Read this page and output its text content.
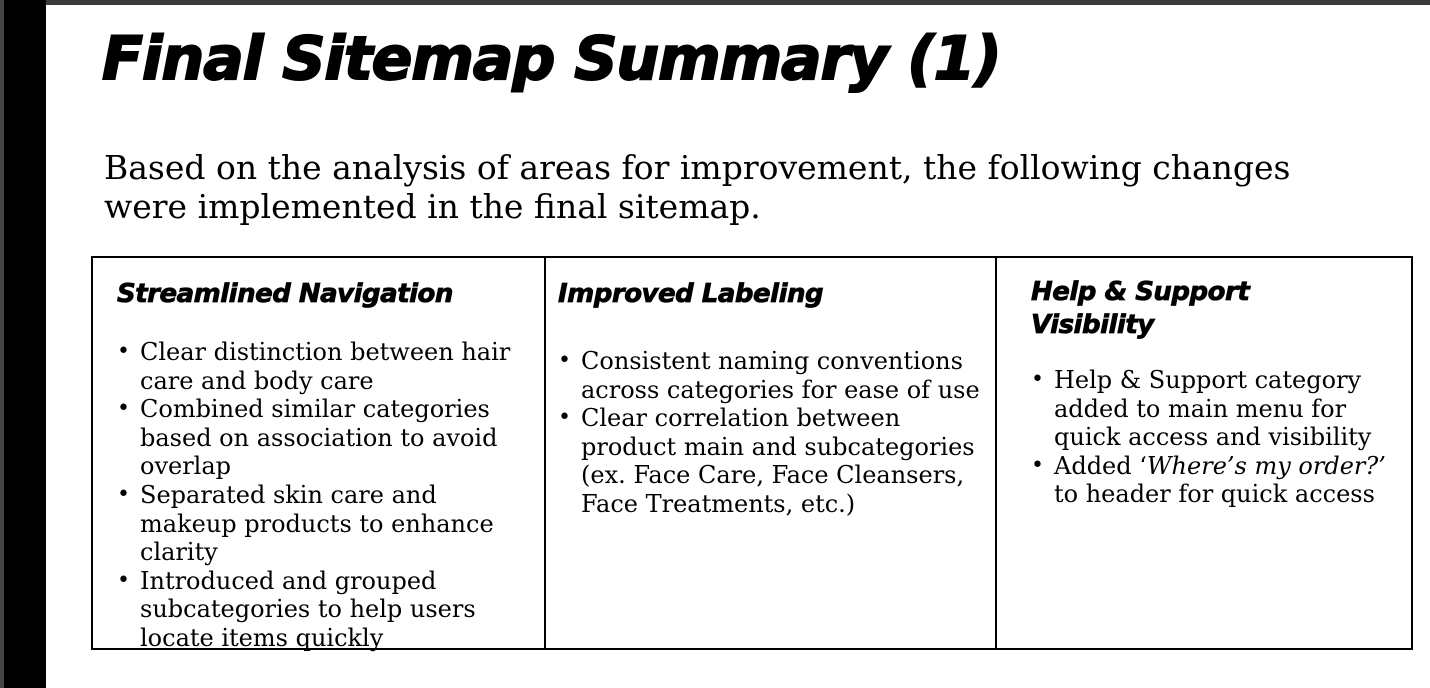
Final Sitemap Summary (1)

Based on the analysis of areas for improvement, the following changes were implemented in the final sitemap.

Streamlined Navigation
• Clear distinction between hair care and body care
• Combined similar categories based on association to avoid overlap
• Separated skin care and makeup products to enhance clarity
• Introduced and grouped subcategories to help users locate items quickly
Improved Labeling
• Consistent naming conventions across categories for ease of use
• Clear correlation between product main and subcategories (ex. Face Care, Face Cleansers, Face Treatments, etc.)
Help & Support Visibility
• Help & Support category added to main menu for quick access and visibility
• Added ‘Where’s my order?’ to header for quick access
